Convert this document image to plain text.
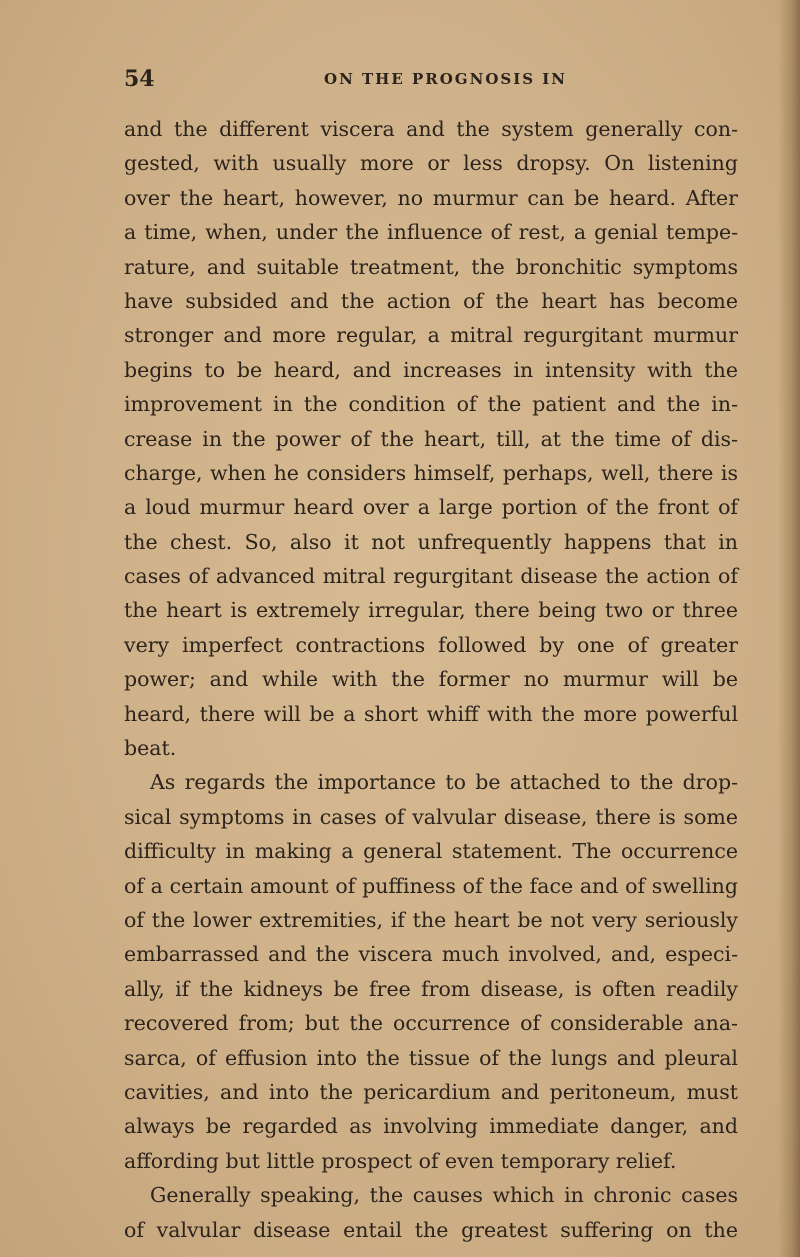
54	ON THE PROGNOSIS IN
and the different viscera and the system generally con-
gested, with usually more or less dropsy. On listening
over the heart, however, no murmur can be heard. After
a time, when, under the influence of rest, a genial tempe-
rature, and suitable treatment, the bronchitic symptoms
have subsided and the action of the heart has become
stronger and more regular, a mitral regurgitant murmur
begins to be heard, and increases in intensity with the
improvement in the condition of the patient and the in-
crease in the power of the heart, till, at the time of dis-
charge, when he considers himself, perhaps, well, there is
a loud murmur heard over a large portion of the front of
the chest. So, also it not unfrequently happens that in
cases of advanced mitral regurgitant disease the action of
the heart is extremely irregular, there being two or three
very imperfect contractions followed by one of greater
power; and while with the former no murmur will be
heard, there will be a short whiff with the more powerful
beat.
As regards the importance to be attached to the drop-
sical symptoms in cases of valvular disease, there is some
difficulty in making a general statement. The occurrence
of a certain amount of puffiness of the face and of swelling
of the lower extremities, if the heart be not very seriously
embarrassed and the viscera much involved, and, especi-
ally, if the kidneys be free from disease, is often readily
recovered from; but the occurrence of considerable ana-
sarca, of effusion into the tissue of the lungs and pleural
cavities, and into the pericardium and peritoneum, must
always be regarded as involving immediate danger, and
affording but little prospect of even temporary relief.
Generally speaking, the causes which in chronic cases
of valvular disease entail the greatest suffering on the
